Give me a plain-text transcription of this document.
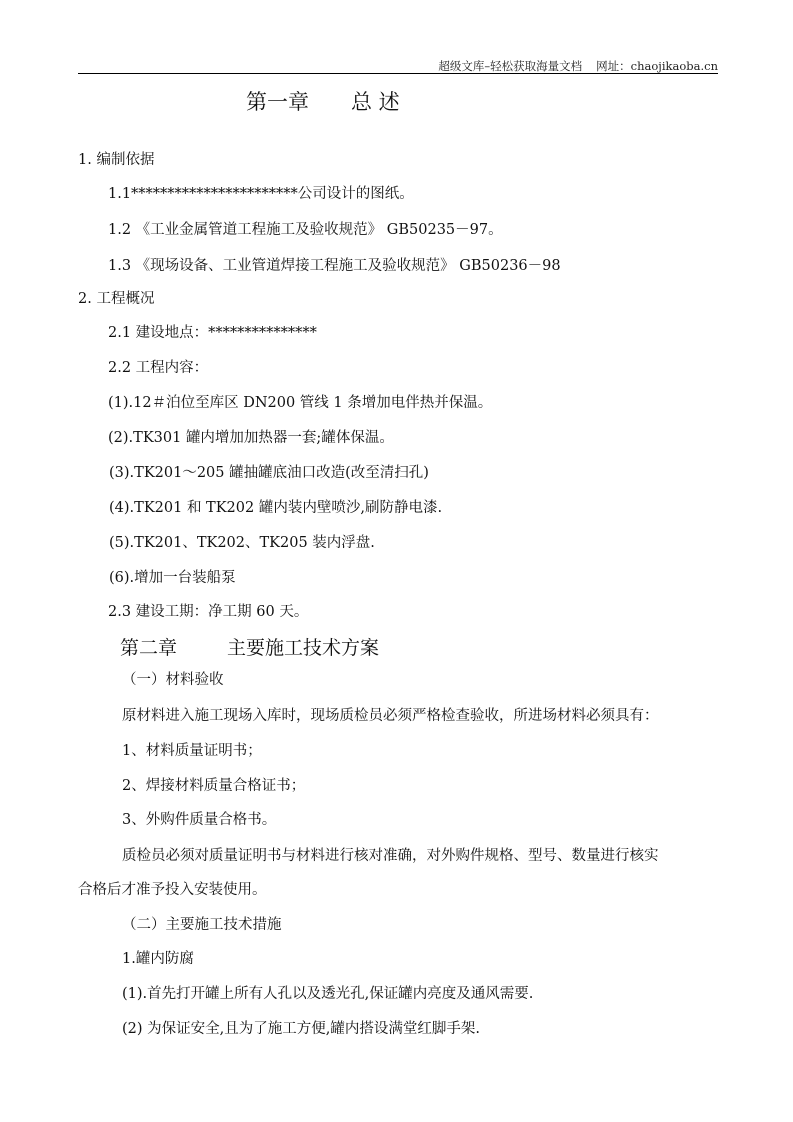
超级文库–轻松获取海量文档 网址：chaojikaoba.cn
第一章 总 述
1. 编制依据
1.1***********************公司设计的图纸。
1.2 《工业金属管道工程施工及验收规范》 GB50235－97。
1.3 《现场设备、工业管道焊接工程施工及验收规范》 GB50236－98
2. 工程概况
2.1 建设地点：***************
2.2 工程内容：
(1).12＃泊位至库区 DN200 管线 1 条增加电伴热并保温。
(2).TK301 罐内增加加热器一套;罐体保温。
(3).TK201～205 罐抽罐底油口改造(改至清扫孔)
(4).TK201 和 TK202 罐内装内壁喷沙,刷防静电漆.
(5).TK201、TK202、TK205 装内浮盘.
(6).增加一台装船泵
2.3 建设工期：净工期 60 天。
第二章	主要施工技术方案
（一）材料验收
原材料进入施工现场入库时，现场质检员必须严格检查验收，所进场材料必须具有：
1、材料质量证明书；
2、焊接材料质量合格证书；
3、外购件质量合格书。
质检员必须对质量证明书与材料进行核对准确，对外购件规格、型号、数量进行核实
合格后才准予投入安装使用。
（二）主要施工技术措施
1.罐内防腐
(1).首先打开罐上所有人孔以及透光孔,保证罐内亮度及通风需要.
(2) 为保证安全,且为了施工方便,罐内搭设满堂红脚手架.
